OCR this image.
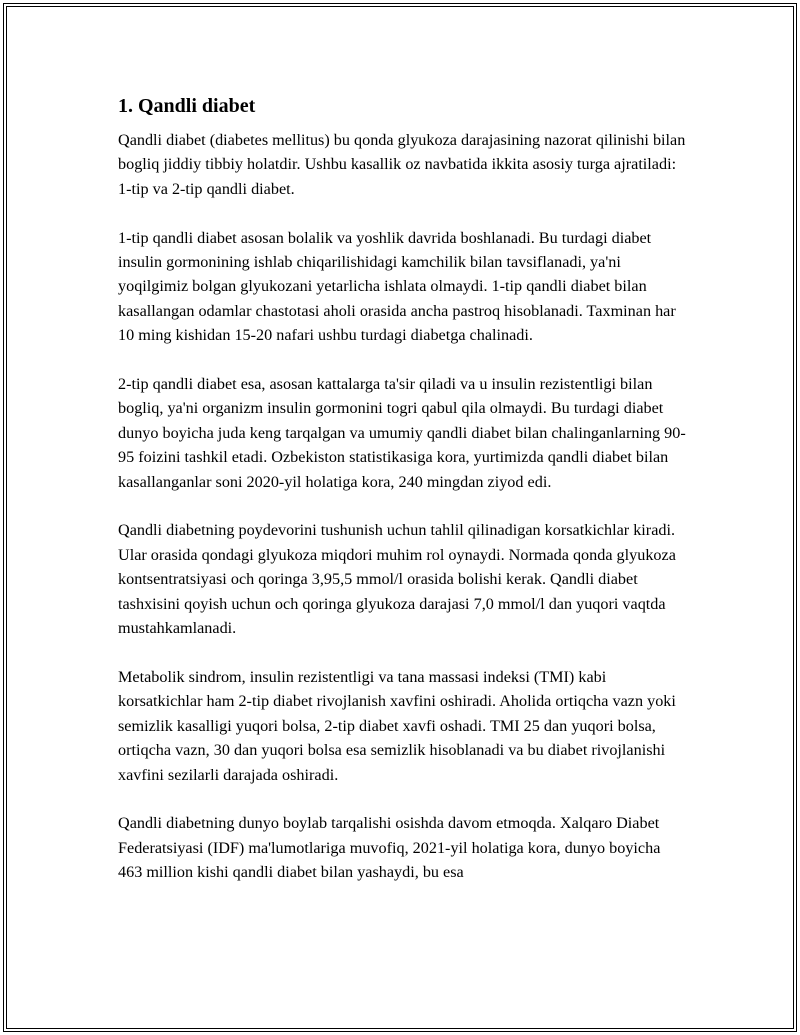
1. Qandli diabet

Qandli diabet (diabetes mellitus) bu qonda glyukoza darajasining nazorat qilinishi bilan bogliq jiddiy tibbiy holatdir. Ushbu kasallik oz navbatida ikkita asosiy turga ajratiladi: 1-tip va 2-tip qandli diabet.

1-tip qandli diabet asosan bolalik va yoshlik davrida boshlanadi. Bu turdagi diabet insulin gormonining ishlab chiqarilishidagi kamchilik bilan tavsiflanadi, ya'ni yoqilgimiz bolgan glyukozani yetarlicha ishlata olmaydi. 1-tip qandli diabet bilan kasallangan odamlar chastotasi aholi orasida ancha pastroq hisoblanadi. Taxminan har 10 ming kishidan 15-20 nafari ushbu turdagi diabetga chalinadi.

2-tip qandli diabet esa, asosan kattalarga ta'sir qiladi va u insulin rezistentligi bilan bogliq, ya'ni organizm insulin gormonini togri qabul qila olmaydi. Bu turdagi diabet dunyo boyicha juda keng tarqalgan va umumiy qandli diabet bilan chalinganlarning 90-95 foizini tashkil etadi. Ozbekiston statistikasiga kora, yurtimizda qandli diabet bilan kasallanganlar soni 2020-yil holatiga kora, 240 mingdan ziyod edi.

Qandli diabetning poydevorini tushunish uchun tahlil qilinadigan korsatkichlar kiradi. Ular orasida qondagi glyukoza miqdori muhim rol oynaydi. Normada qonda glyukoza kontsentratsiyasi och qoringa 3,95,5 mmol/l orasida bolishi kerak. Qandli diabet tashxisini qoyish uchun och qoringa glyukoza darajasi 7,0 mmol/l dan yuqori vaqtda mustahkamlanadi.

Metabolik sindrom, insulin rezistentligi va tana massasi indeksi (TMI) kabi korsatkichlar ham 2-tip diabet rivojlanish xavfini oshiradi. Aholida ortiqcha vazn yoki semizlik kasalligi yuqori bolsa, 2-tip diabet xavfi oshadi. TMI 25 dan yuqori bolsa, ortiqcha vazn, 30 dan yuqori bolsa esa semizlik hisoblanadi va bu diabet rivojlanishi xavfini sezilarli darajada oshiradi.

Qandli diabetning dunyo boylab tarqalishi osishda davom etmoqda. Xalqaro Diabet Federatsiyasi (IDF) ma'lumotlariga muvofiq, 2021-yil holatiga kora, dunyo boyicha 463 million kishi qandli diabet bilan yashaydi, bu esa
